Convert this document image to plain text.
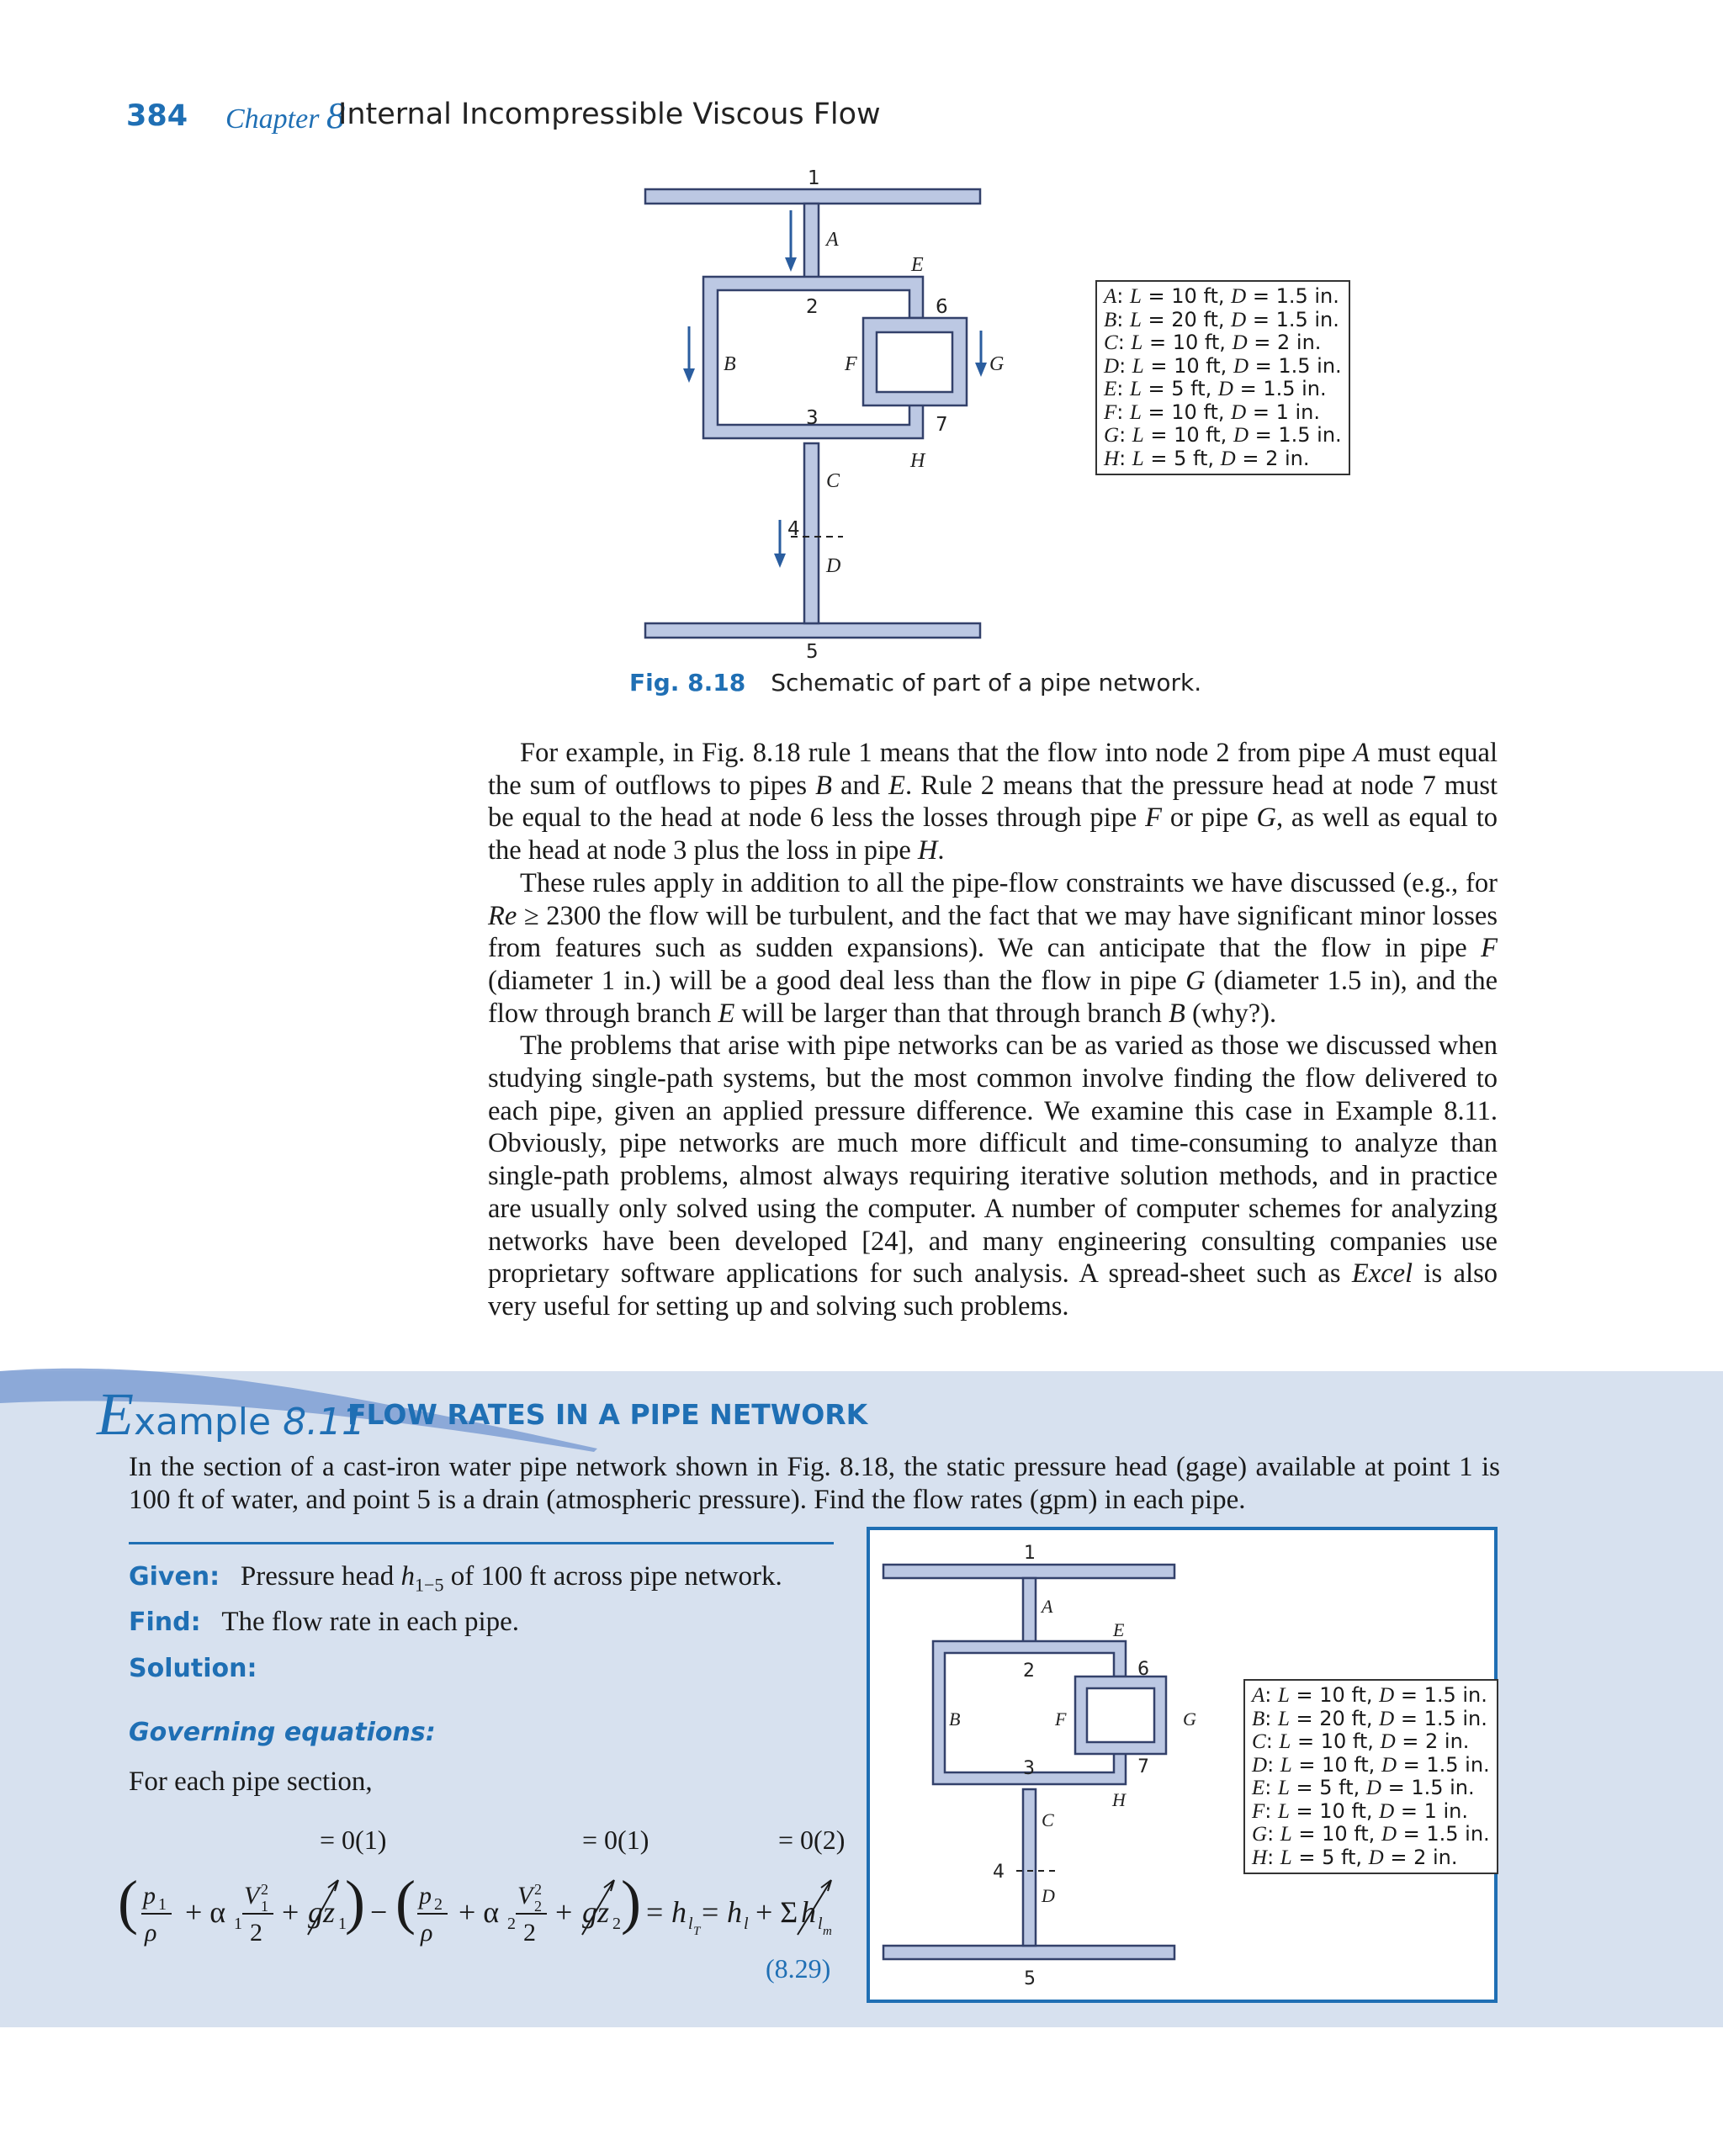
384 Chapter 8
Internal Incompressible Viscous Flow
A
B
C
D
E
F	G
H
1
2
3
4
5
6
7
A: L = 10 ft, D = 1.5 in.
B: L = 20 ft, D = 1.5 in.
C: L = 10 ft, D = 2 in.
D: L = 10 ft, D = 1.5 in.
E: L = 5 ft, D = 1.5 in.
F: L = 10 ft, D = 1 in.
G: L = 10 ft, D = 1.5 in.
H: L = 5 ft, D = 2 in.
Fig. 8.18 Schematic of part of a pipe network.

For example, in Fig. 8.18 rule 1 means that the flow into node 2 from pipe A must equal the sum of outflows to pipes B and E. Rule 2 means that the pressure head at node 7 must be equal to the head at node 6 less the losses through pipe F or pipe G, as well as equal to the head at node 3 plus the loss in pipe H.

These rules apply in addition to all the pipe-flow constraints we have discussed (e.g., for Re ≥ 2300 the flow will be turbulent, and the fact that we may have significant minor losses from features such as sudden expansions). We can anticipate that the flow in pipe F (diameter 1 in.) will be a good deal less than the flow in pipe G (diameter 1.5 in), and the flow through branch E will be larger than that through branch B (why?).

The problems that arise with pipe networks can be as varied as those we discussed when studying single-path systems, but the most common involve finding the flow delivered to each pipe, given an applied pressure difference. We examine this case in Example 8.11. Obviously, pipe networks are much more difficult and time-consuming to analyze than single-path problems, almost always requiring iterative solution methods, and in practice are usually only solved using the computer. A number of computer schemes for analyzing networks have been developed [24], and many engineering consulting companies use proprietary software applications for such analysis. A spread-sheet such as Excel is also very useful for setting up and solving such problems.

Example 8.11
FLOW RATES IN A PIPE NETWORK
In the section of a cast-iron water pipe network shown in Fig. 8.18, the static pressure head (gage) available at point 1 is 100 ft of water, and point 5 is a drain (atmospheric pressure). Find the flow rates (gpm) in each pipe.
Given: Pressure head $h_{1-5}$ of 100 ft across pipe network.
Find: The flow rate in each pipe.
Solution:
Governing equations:
For each pipe section,
= 0(1)	= 0(1)	= 0(2)
( p 1
ρ
+ α 1
V 2
1
2
+ gz 1
) − ( p 2
ρ
+ α 2
V 2
2
2
+ gz 2 ) = h l T
= h l + Σ h l m
(8.29)
A
B
C
D
E
F	G
H
1
2
3
4
5
6
7
A: L = 10 ft, D = 1.5 in.
B: L = 20 ft, D = 1.5 in.
C: L = 10 ft, D = 2 in.
D: L = 10 ft, D = 1.5 in.
E: L = 5 ft, D = 1.5 in.
F: L = 10 ft, D = 1 in.
G: L = 10 ft, D = 1.5 in.
H: L = 5 ft, D = 2 in.
